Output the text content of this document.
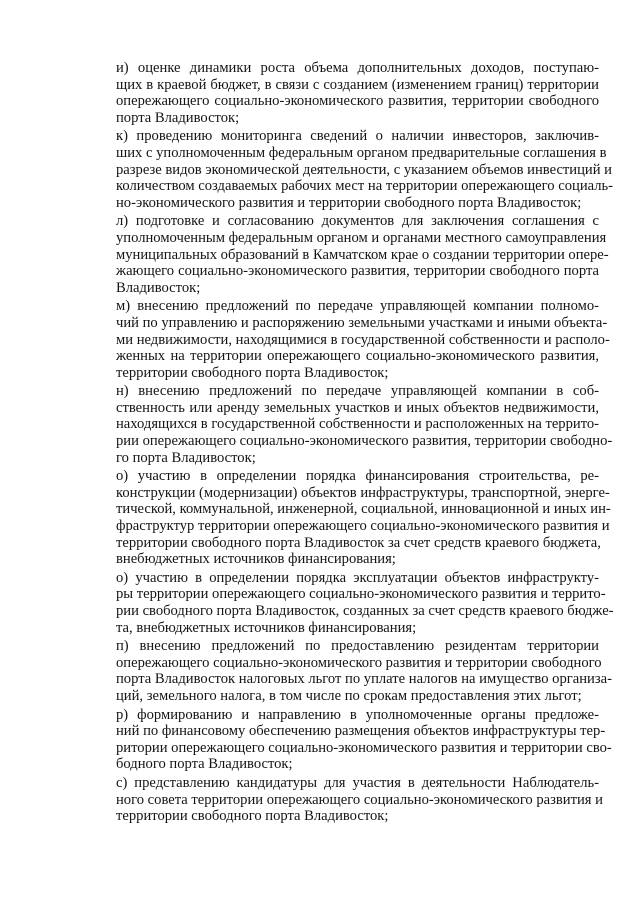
и) оценке динамики роста объема дополнительных доходов, поступаю-
щих в краевой бюджет, в связи с созданием (изменением границ) территории
опережающего социально-экономического развития, территории свободного
порта Владивосток;
к) проведению мониторинга сведений о наличии инвесторов, заключив-
ших с уполномоченным федеральным органом предварительные соглашения в
разрезе видов экономической деятельности, с указанием объемов инвестиций и
количеством создаваемых рабочих мест на территории опережающего социаль-
но-экономического развития и территории свободного порта Владивосток;
л) подготовке и согласованию документов для заключения соглашения с
уполномоченным федеральным органом и органами местного самоуправления
муниципальных образований в Камчатском крае о создании территории опере-
жающего социально-экономического развития, территории свободного порта
Владивосток;
м) внесению предложений по передаче управляющей компании полномо-
чий по управлению и распоряжению земельными участками и иными объекта-
ми недвижимости, находящимися в государственной собственности и располо-
женных на территории опережающего социально-экономического развития,
территории свободного порта Владивосток;
н) внесению предложений по передаче управляющей компании в соб-
ственность или аренду земельных участков и иных объектов недвижимости,
находящихся в государственной собственности и расположенных на террито-
рии опережающего социально-экономического развития, территории свободно-
го порта Владивосток;
о) участию в определении порядка финансирования строительства, ре-
конструкции (модернизации) объектов инфраструктуры, транспортной, энерге-
тической, коммунальной, инженерной, социальной, инновационной и иных ин-
фраструктур территории опережающего социально-экономического развития и
территории свободного порта Владивосток за счет средств краевого бюджета,
внебюджетных источников финансирования;
о) участию в определении порядка эксплуатации объектов инфраструкту-
ры территории опережающего социально-экономического развития и террито-
рии свободного порта Владивосток, созданных за счет средств краевого бюдже-
та, внебюджетных источников финансирования;
п) внесению предложений по предоставлению резидентам территории
опережающего социально-экономического развития и территории свободного
порта Владивосток налоговых льгот по уплате налогов на имущество организа-
ций, земельного налога, в том числе по срокам предоставления этих льгот;
р) формированию и направлению в уполномоченные органы предложе-
ний по финансовому обеспечению размещения объектов инфраструктуры тер-
ритории опережающего социально-экономического развития и территории сво-
бодного порта Владивосток;
с) представлению кандидатуры для участия в деятельности Наблюдатель-
ного совета территории опережающего социально-экономического развития и
территории свободного порта Владивосток;
